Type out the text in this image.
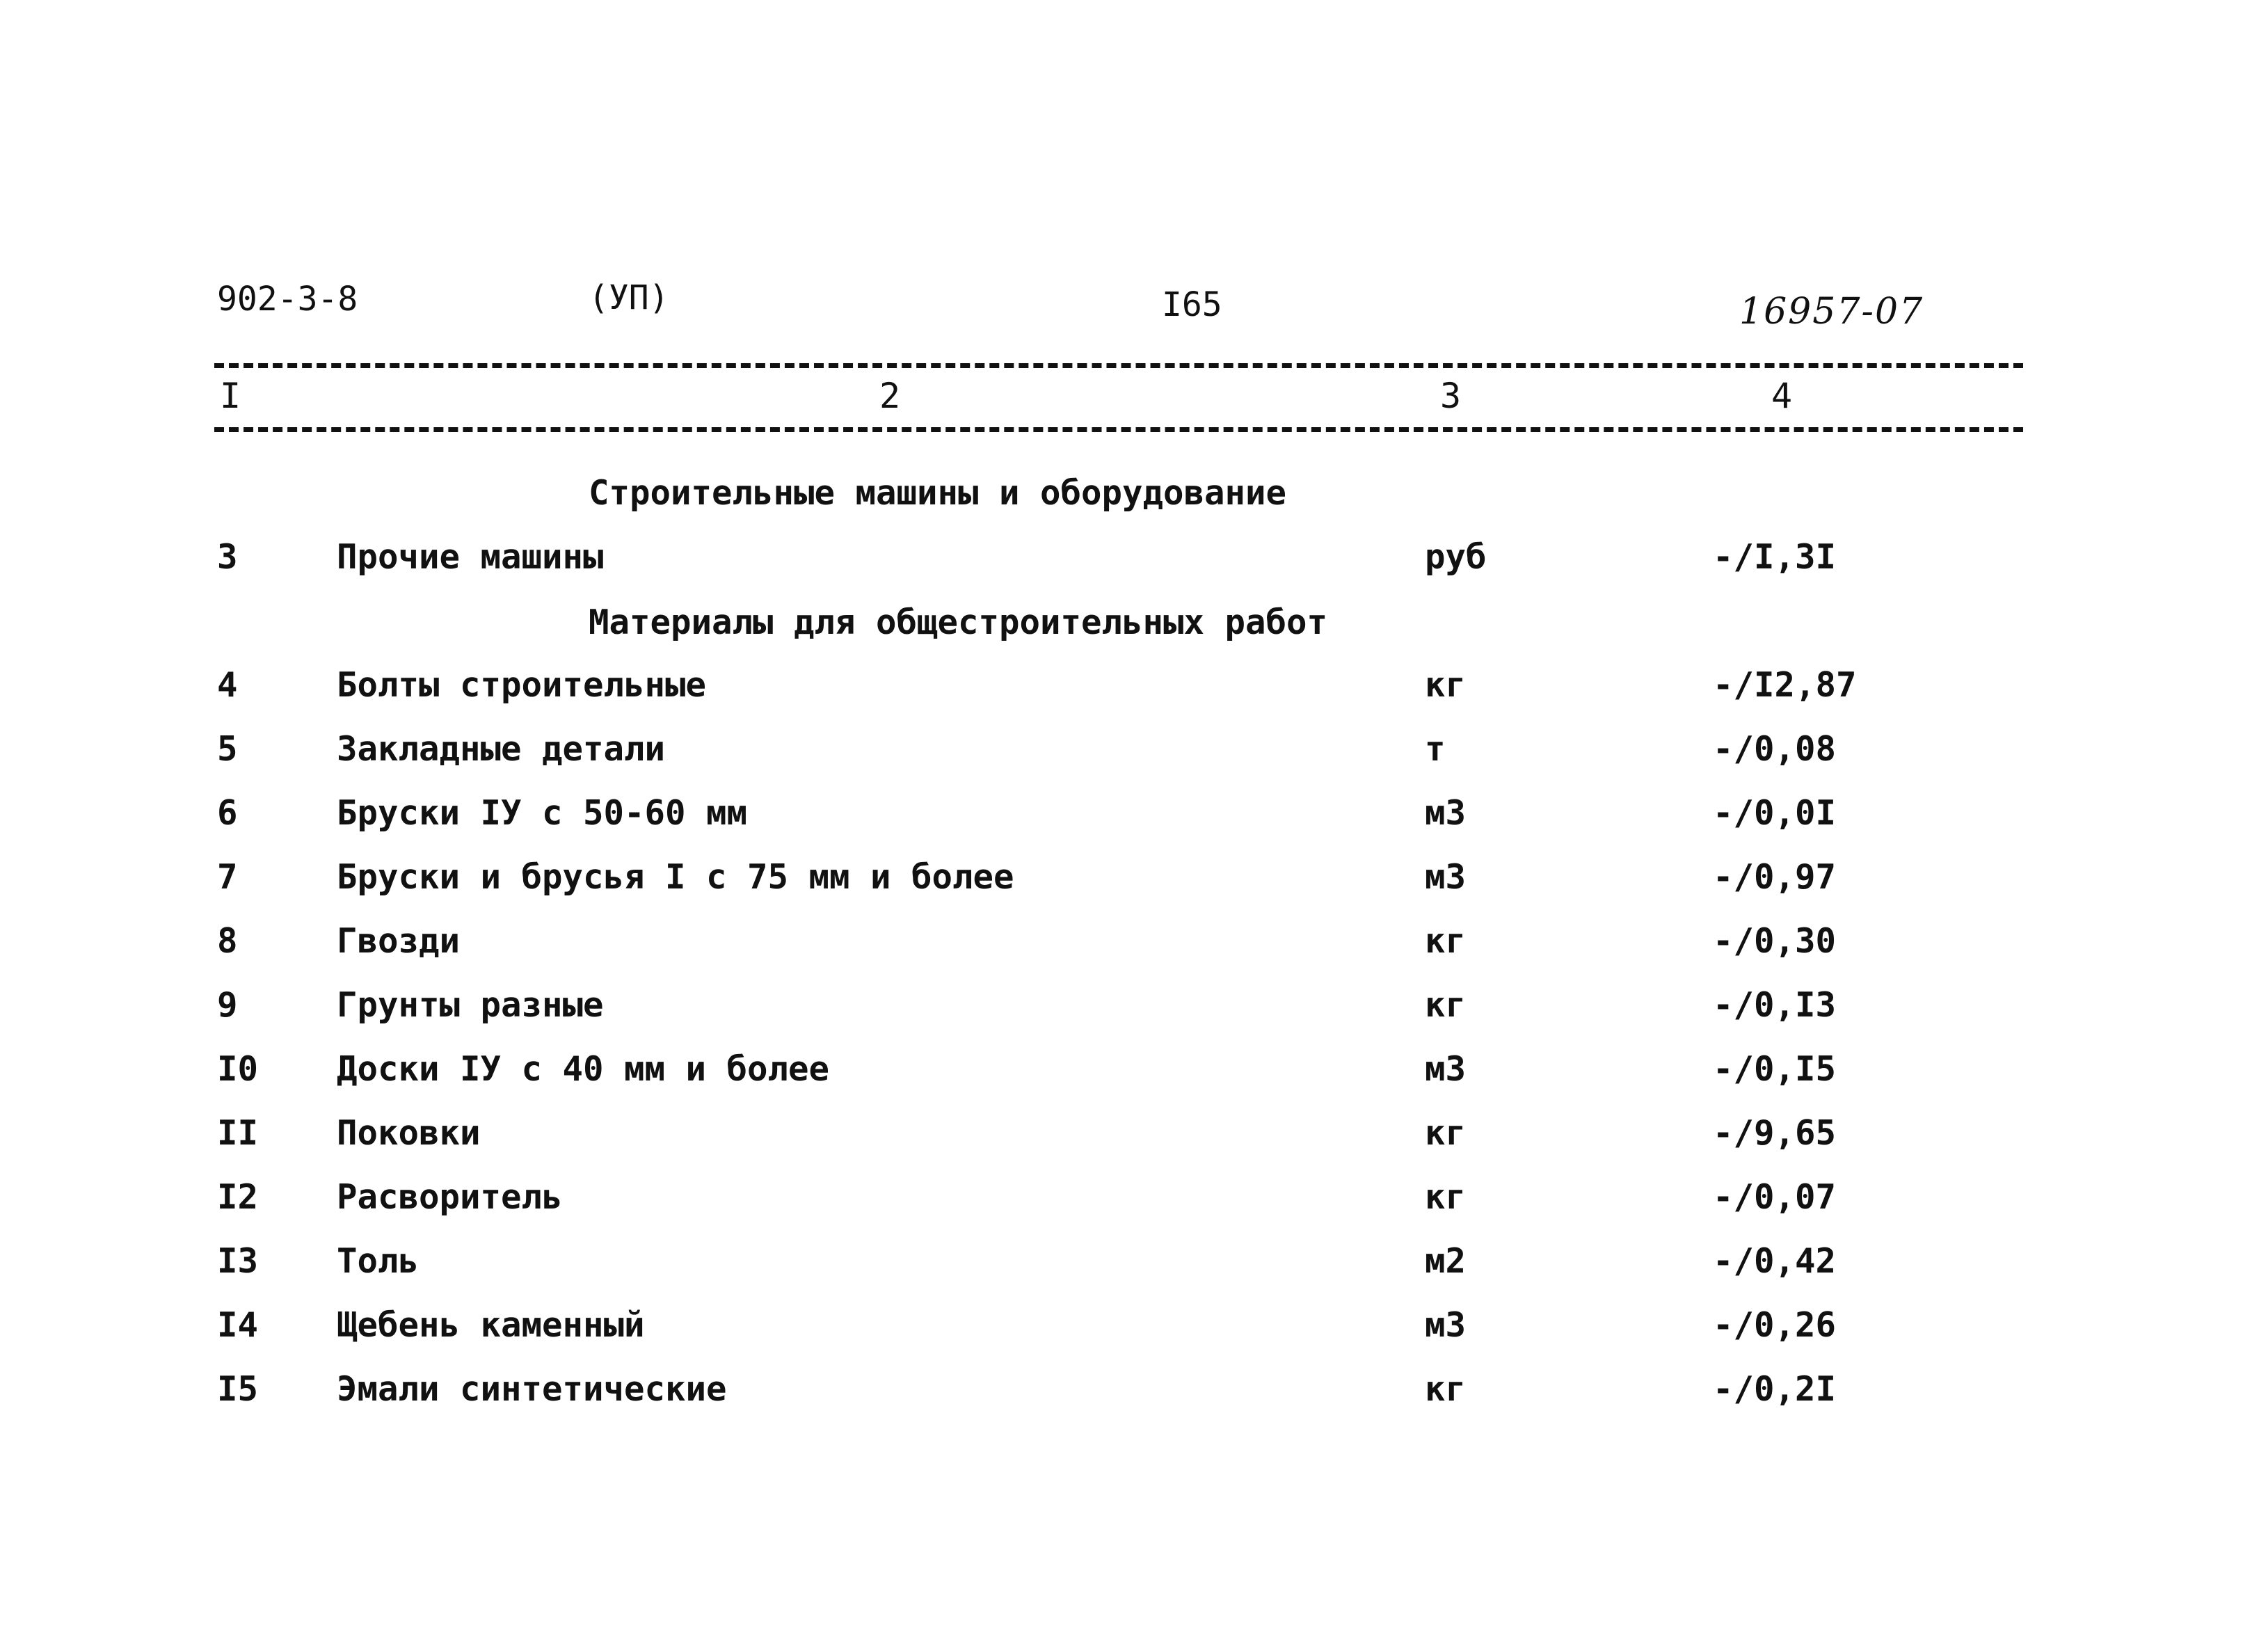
902-3-8	(УП)	I65	16957-07
I	2	3	4
Строительные машины и оборудование
3	Прочие машины	руб	-/I,3I
Материалы для общестроительных работ
4	Болты строительные	кг	-/I2,87
5	Закладные детали	т	-/0,08
6	Бруски IУ с 50-60 мм	м3	-/0,0I
7	Бруски и брусья I с 75 мм и более	м3	-/0,97
8	Гвозди	кг	-/0,30
9	Грунты разные	кг	-/0,I3
I0 Доски IУ с 40 мм и более	м3	-/0,I5
II Поковки	кг	-/9,65
I2 Расворитель	кг	-/0,07
I3 Толь	м2	-/0,42
I4 Щебень каменный	м3	-/0,26
I5 Эмали синтетические	кг	-/0,2I
